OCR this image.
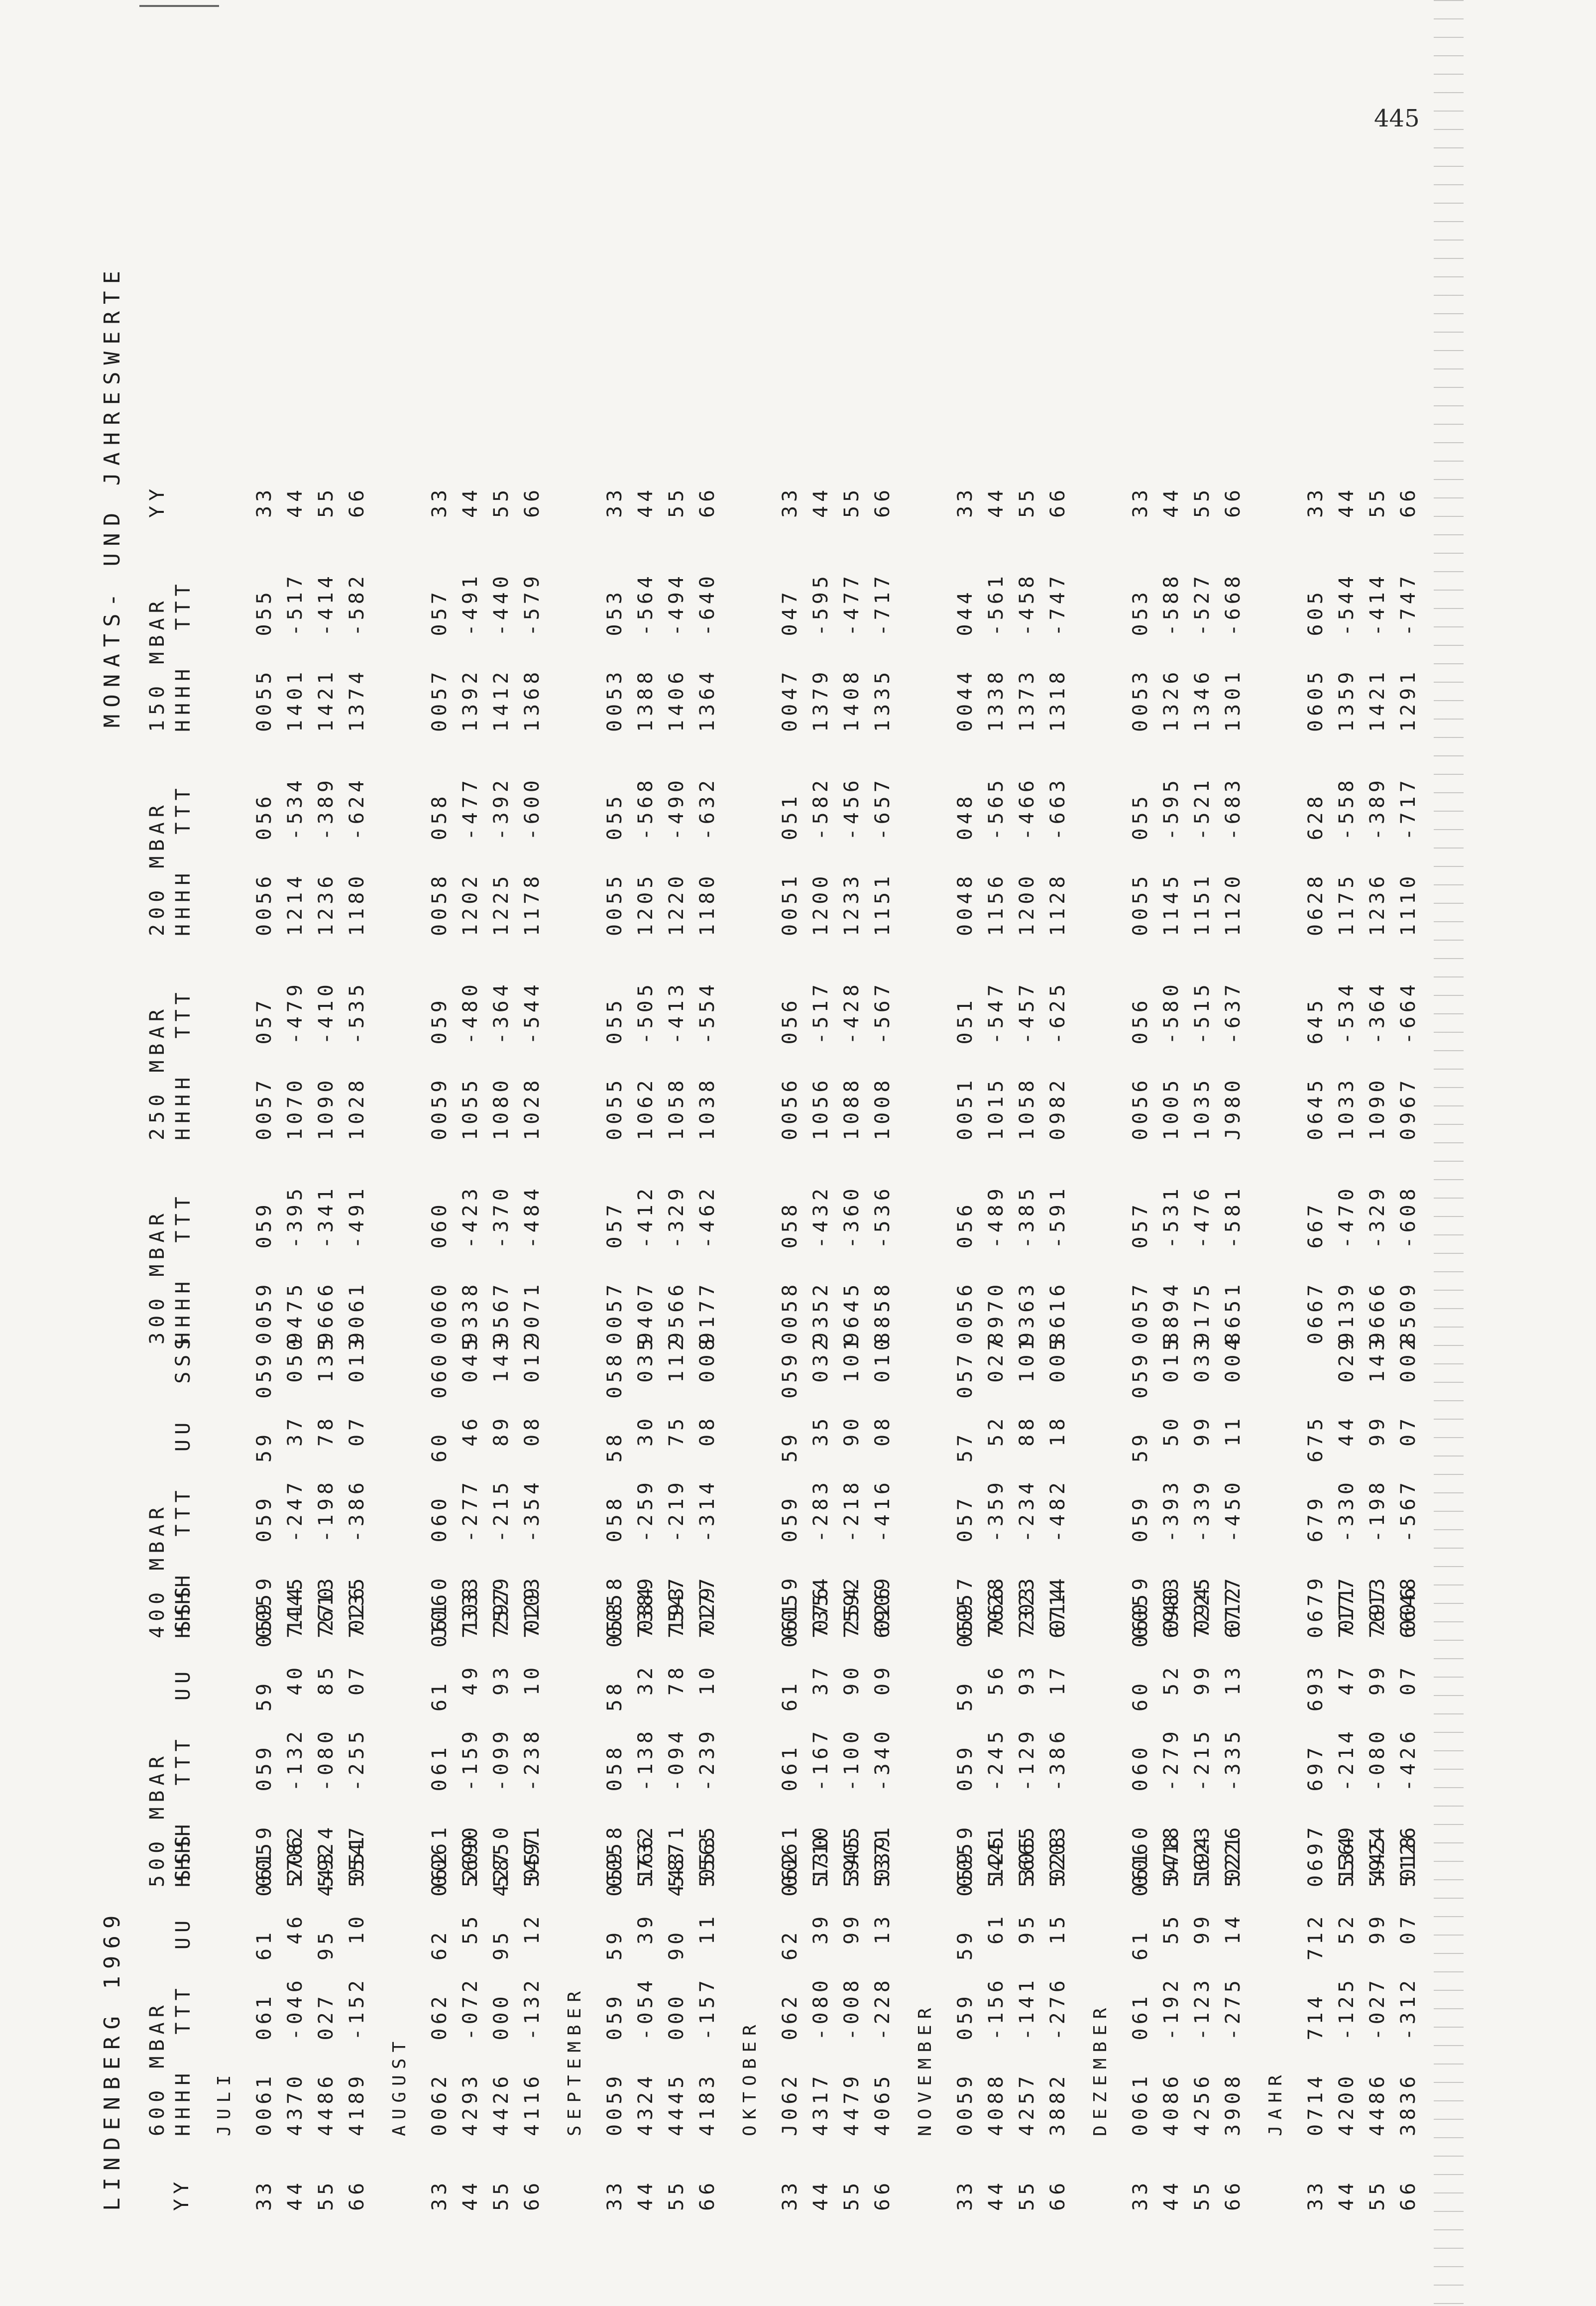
445
LINDENBERG 1969
MONATS- UND JAHRESWERTE
YY
600 MBAR HHHH  TTT  UU  SSS
500 MBAR HHHH  TTT  UU  SSS
400 MBAR HHHH  TTT  UU  SSS
300 MBAR HHHH  TTT
250 MBAR HHHH  TTT
200 MBAR HHHH  TTT
150 MBAR HHHH  TTT
YY
JULI
33 44 55 66
0061  061  61  061 4370  -046  46  206 4486  027  95  443 4189  -152  10  051
0059  059  59  059 5782  -132  40  114 5924  -080  85  270 5547  -255  07  026
0059  059  59  059 7445  -247  37  050 7613  -198  78  135 7135  -386  07  013
0059  059 9475  -395 9666  -341 9061  -491
0057  057 1070  -479 1090  -410 1028  -535
0056  056 1214  -534 1236  -389 1180  -624
0055  055 1401  -517 1421  -414 1374  -582
33 44 55 66
AUGUST
33 44 55 66
0062  062  62  062 4293  -072  55  200 4426  000  95  427 4116  -132  12  057
0061  061  61  061 5690  -159  49  108 5850  -099  93  297 5491  -238  10  029
J060  060  60  060 7333  -277  46  045 7529  -215  89  143 7103  -354  08  012
0060  060 9338  -423 9567  -370 9071  -484
0059  059 1055  -480 1080  -364 1028  -544
0058  058 1202  -477 1225  -392 1178  -600
0057  057 1392  -491 1412  -440 1368  -579
33 44 55 66
SEPTEMBER
33 44 55 66
0059  059  59  059 4324  -054  39  166 4445  000  90  443 4183  -157  11  053
0058  058  58  058 5732  -138  32  084 5871  -094  78  193 5565  -239  10  029
0058  058  58  058 7389  -259  30  035 7547  -219  75  112 7177  -314  08  008
0057  057 9407  -412 9566  -329 9177  -462
0055  055 1062  -505 1058  -413 1038  -554
0055  055 1205  -568 1220  -490 1180  -632
0053  053 1388  -564 1406  -494 1364  -640
33 44 55 66
OKTOBER
33 44 55 66
J062  062  62  062 4317  -080  39  130 4479  -008  99  345 4065  -228  13  039
0061  061  61  061 5710  -167  37  076 5905  -100  90  254 5371  -340  09  026
0059  059  59  059 7354  -283  35  032 7592  -218  90  101 6909  -416  08  010
0058  058 9352  -432 9645  -360 8858  -536
0056  056 1056  -517 1088  -428 1008  -567
0051  051 1200  -582 1233  -456 1151  -657
0047  047 1379  -595 1408  -477 1335  -717
33 44 55 66
NOVEMBER
33 44 55 66
0059  059  59  059 4088  -156  61  125 4257  -141  95  305 3882  -276  15  028
0059  059  59  059 5441  -245  56  066 5665  -129  93  203 5203  -386  17  014
0057  057  57  057 7028  -359  52  027 7323  -234  88  101 6714  -482  18  005
0056  056 8970  -489 9363  -385 8616  -591
0051  051 1015  -547 1058  -457 0982  -625
0048  048 1156  -565 1200  -466 1128  -663
0044  044 1338  -561 1373  -458 1318  -747
33 44 55 66
DEZEMBER
33 44 55 66
0061  061  61  061 4086  -192  55  078 4256  -123  99  194 3908  -275  14  021
0060  060  60  060 5418  -279  52  040 5623  -215  99  094 5226  -335  13  012
0059  059  59  059 6983  -393  50  015 7225  -339  99  033 6777  -450  11  004
0057  057 8894  -531 9175  -476 8651  -581
0056  056 1005  -580 1035  -515 J980  -637
0055  055 1145  -595 1151  -521 1120  -683
0053  053 1326  -588 1346  -527 1301  -668
33 44 55 66
JAHR
33 44 55 66
0714  714  712 4200  -125  52  134 4486  -027  99  445 3836  -312  07  018
0697  697  693 5569  -214  47  071 5924  -080  99  297 5126  -426  07  006
0679  679  675 7177  -330  44  029 7613  -198  99  143 6648  -567  07  002
0667  667 9139  -470 9666  -329 8509  -608
0645  645 1033  -534 1090  -364 0967  -664
0628  628 1175  -558 1236  -389 1110  -717
0605  605 1359  -544 1421  -414 1291  -747
33 44 55 66
